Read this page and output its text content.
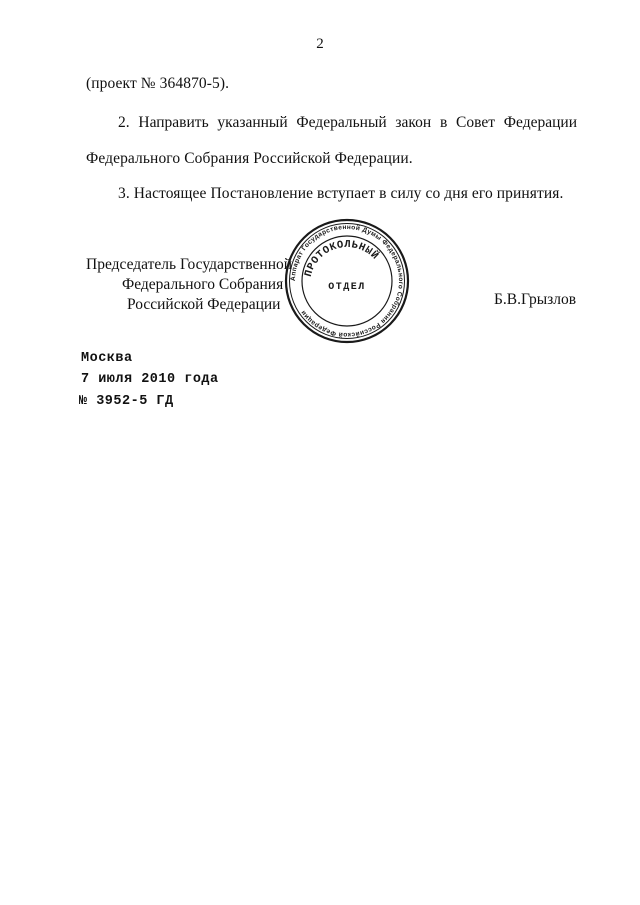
2
(проект № 364870-5).
2. Направить указанный Федеральный закон в Совет Федерации
Федерального Собрания Российской Федерации.
3. Настоящее Постановление вступает в силу со дня его принятия.
Председатель Государственной
Федерального Собрания
Российской Федерации	Б.В.Грызлов
Аппарат Государственной Думы Федерального Собрания Российской Федерации
ПРОТОКОЛЬНЫЙ
ОТДЕЛ
Москва
7 июля 2010 года
№ 3952-5 ГД
